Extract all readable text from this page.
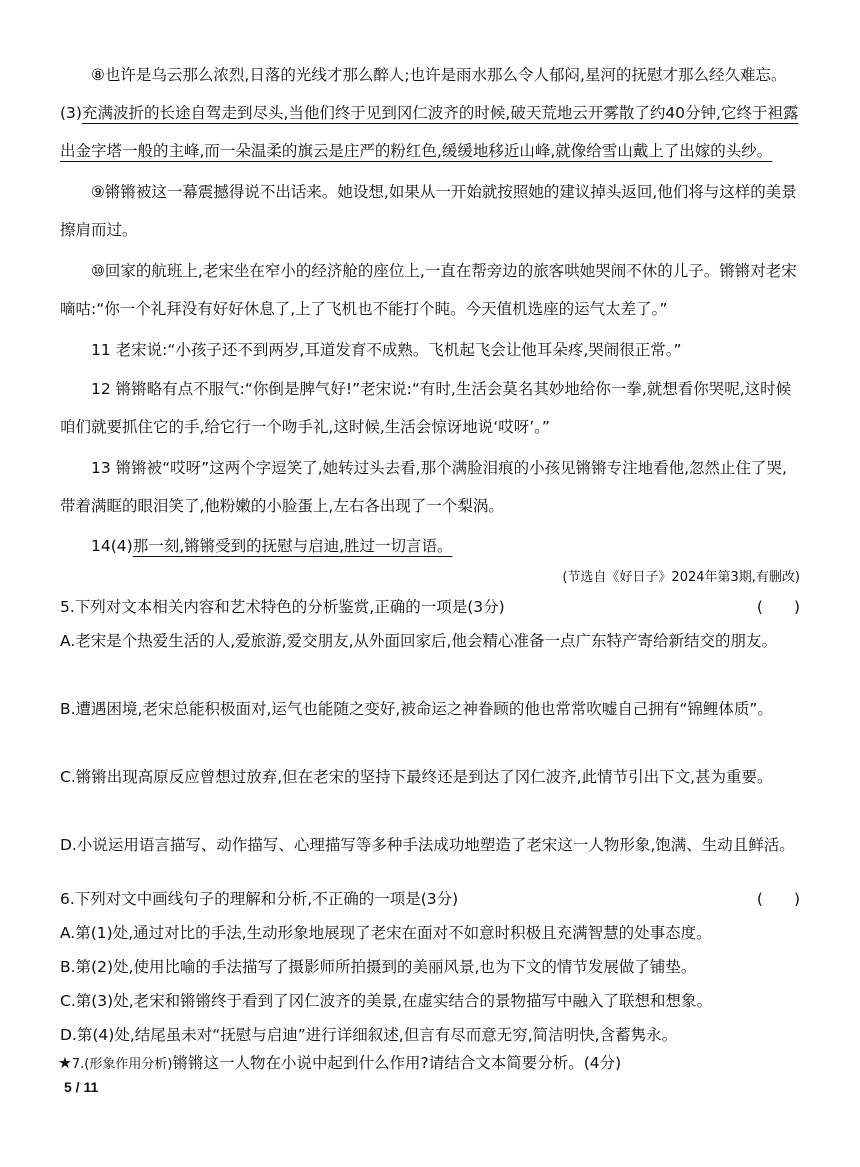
⑧也许是乌云那么浓烈,日落的光线才那么醉人;也许是雨水那么令人郁闷,星河的抚慰才那么经久难忘。(3)充满波折的长途自驾走到尽头,当他们终于见到冈仁波齐的时候,破天荒地云开雾散了约40分钟,它终于袒露出金字塔一般的主峰,而一朵温柔的旗云是庄严的粉红色,缓缓地移近山峰,就像给雪山戴上了出嫁的头纱。

⑨锵锵被这一幕震撼得说不出话来。她设想,如果从一开始就按照她的建议掉头返回,他们将与这样的美景擦肩而过。

⑩回家的航班上,老宋坐在窄小的经济舱的座位上,一直在帮旁边的旅客哄她哭闹不休的儿子。锵锵对老宋嘀咕:“你一个礼拜没有好好休息了,上了飞机也不能打个盹。今天值机选座的运气太差了。”

11 老宋说:“小孩子还不到两岁,耳道发育不成熟。飞机起飞会让他耳朵疼,哭闹很正常。”

12 锵锵略有点不服气:“你倒是脾气好!”老宋说:“有时,生活会莫名其妙地给你一拳,就想看你哭呢,这时候咱们就要抓住它的手,给它行一个吻手礼,这时候,生活会惊讶地说‘哎呀’。”

13 锵锵被“哎呀”这两个字逗笑了,她转过头去看,那个满脸泪痕的小孩见锵锵专注地看他,忽然止住了哭,带着满眶的眼泪笑了,他粉嫩的小脸蛋上,左右各出现了一个梨涡。

14(4)那一刻,锵锵受到的抚慰与启迪,胜过一切言语。

(节选自《好日子》2024年第3期,有删改)

5.下列对文本相关内容和艺术特色的分析鉴赏,正确的一项是(3分)	(　　)

A.老宋是个热爱生活的人,爱旅游,爱交朋友,从外面回家后,他会精心准备一点广东特产寄给新结交的朋友。

B.遭遇困境,老宋总能积极面对,运气也能随之变好,被命运之神眷顾的他也常常吹嘘自己拥有“锦鲤体质”。

C.锵锵出现高原反应曾想过放弃,但在老宋的坚持下最终还是到达了冈仁波齐,此情节引出下文,甚为重要。

D.小说运用语言描写、动作描写、心理描写等多种手法成功地塑造了老宋这一人物形象,饱满、生动且鲜活。

6.下列对文中画线句子的理解和分析,不正确的一项是(3分)	(　　)

A.第(1)处,通过对比的手法,生动形象地展现了老宋在面对不如意时积极且充满智慧的处事态度。

B.第(2)处,使用比喻的手法描写了摄影师所拍摄到的美丽风景,也为下文的情节发展做了铺垫。

C.第(3)处,老宋和锵锵终于看到了冈仁波齐的美景,在虚实结合的景物描写中融入了联想和想象。

D.第(4)处,结尾虽未对“抚慰与启迪”进行详细叙述,但言有尽而意无穷,简洁明快,含蓄隽永。

★7.(形象作用分析)锵锵这一人物在小说中起到什么作用?请结合文本简要分析。(4分)

5 / 11
